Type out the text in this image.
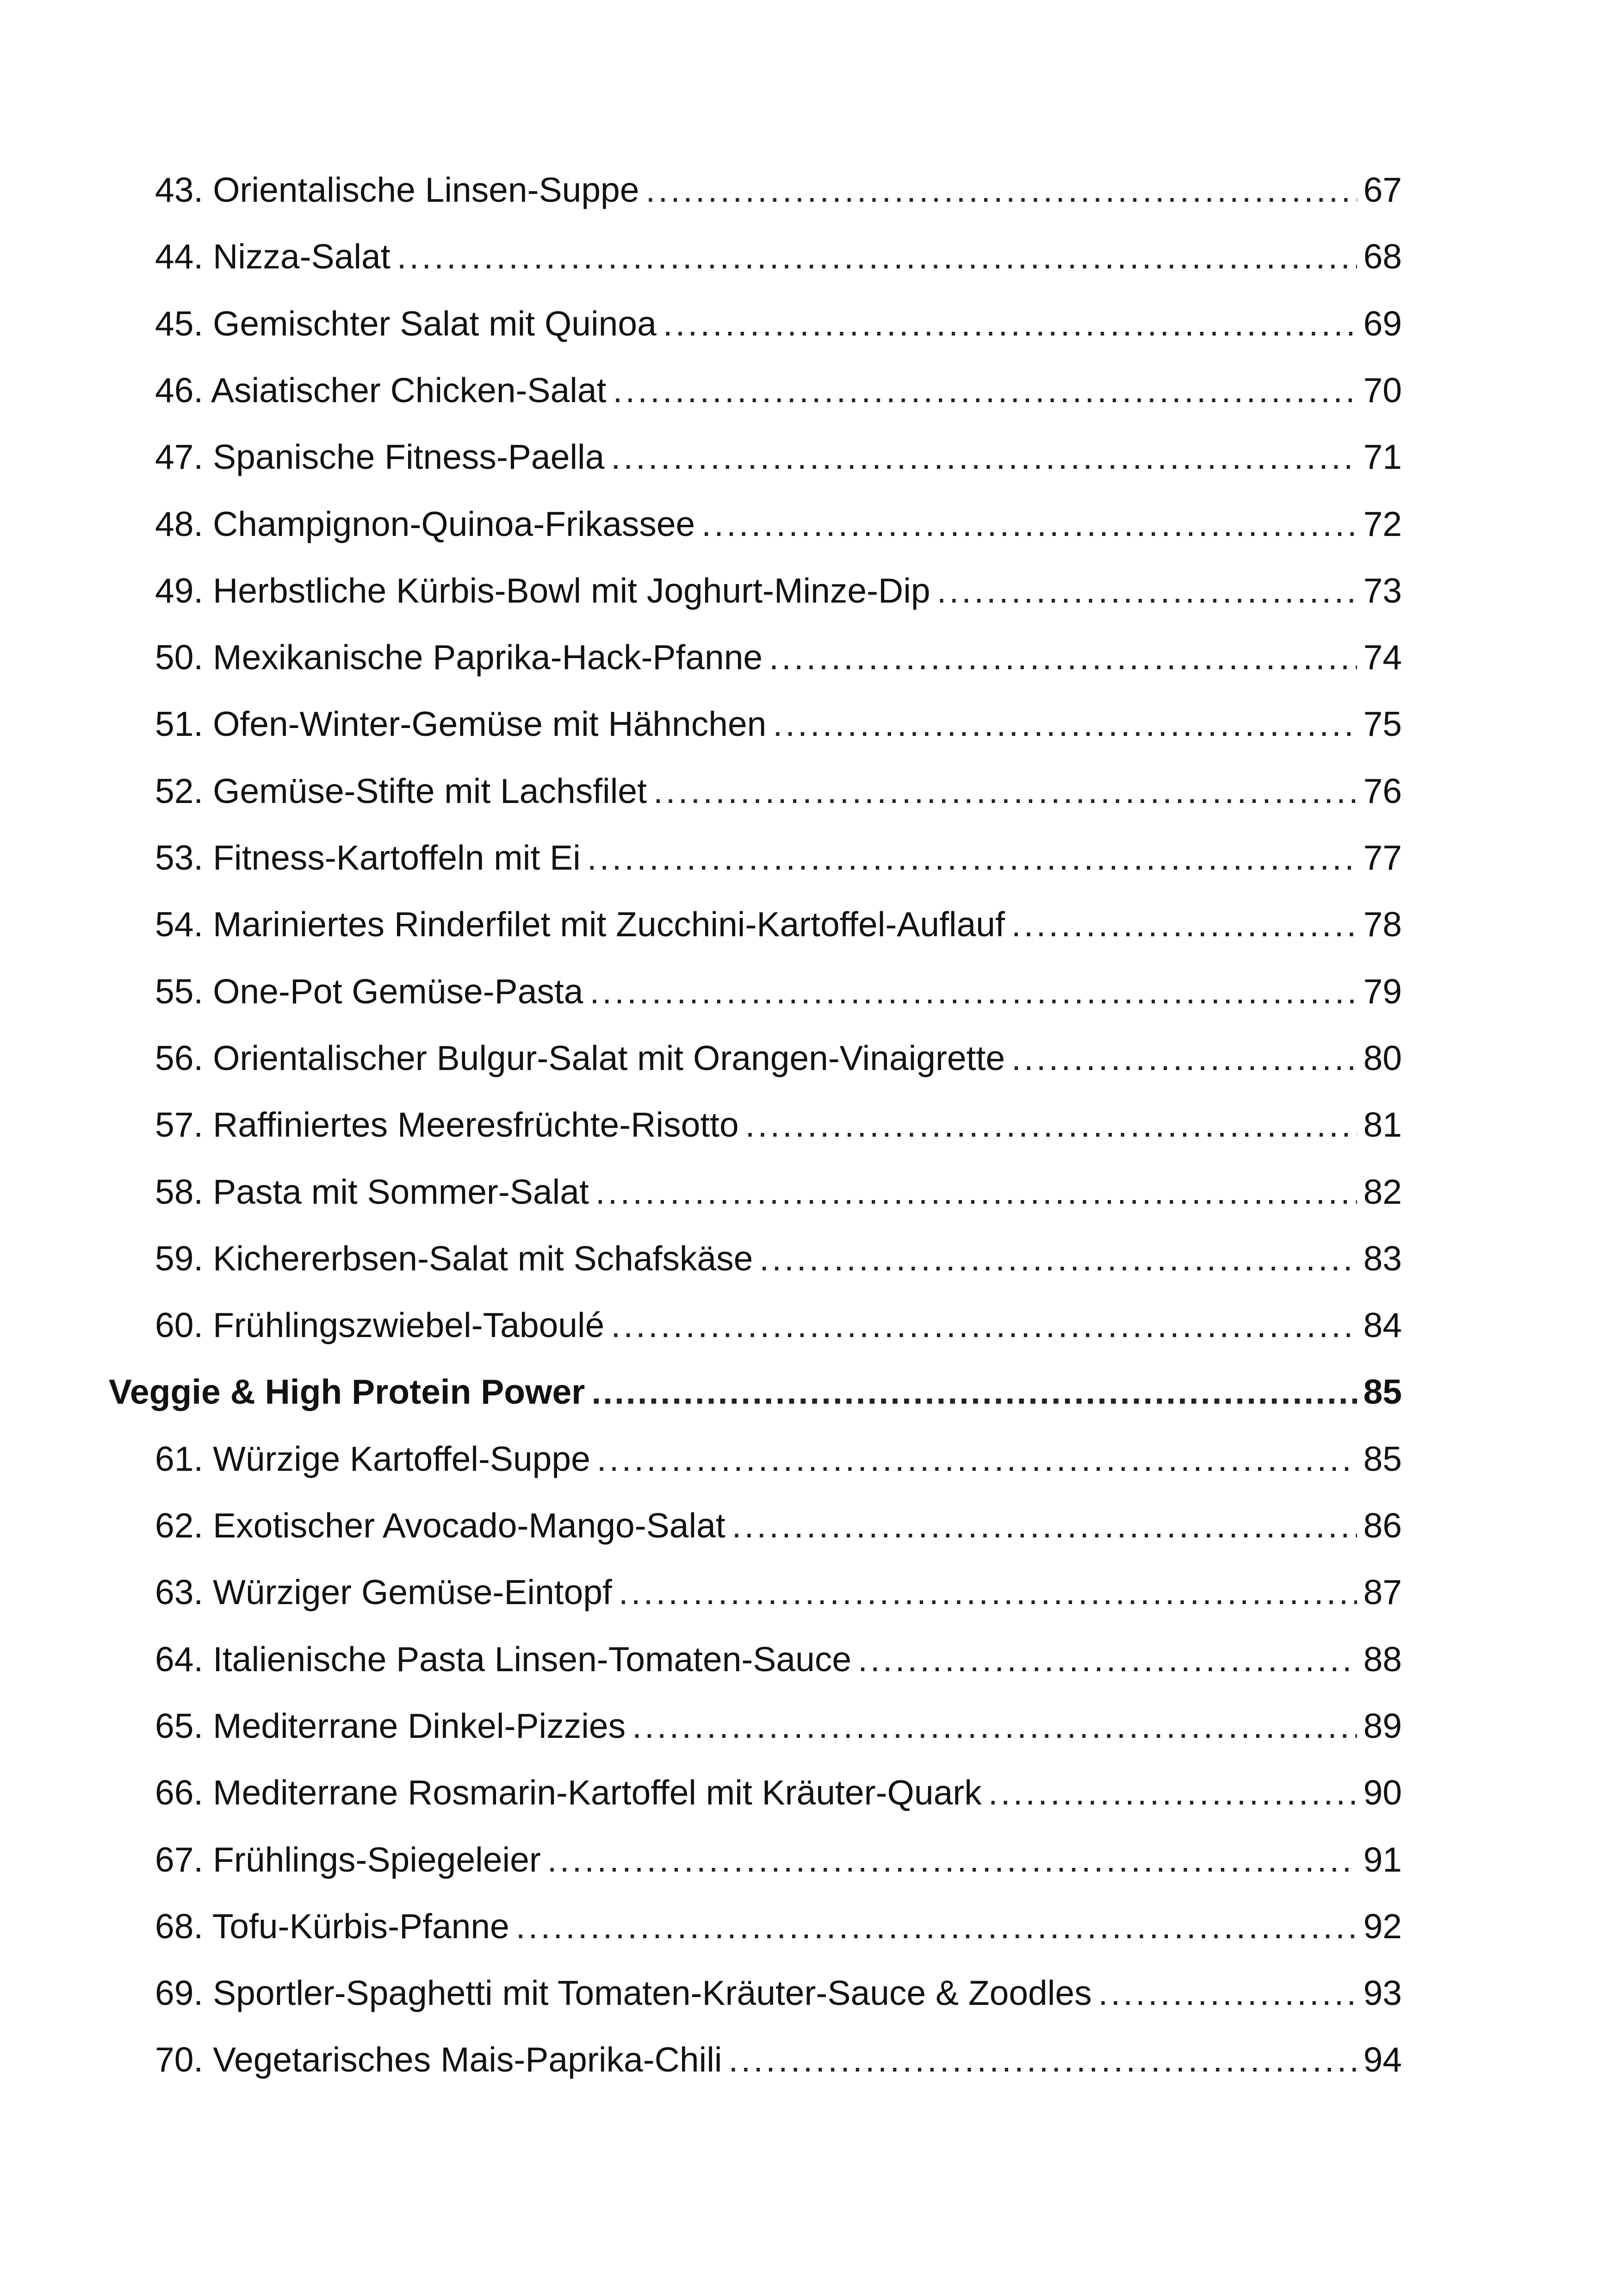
43. Orientalische Linsen-Suppe .....	67
44. Nizza-Salat .....	68
45. Gemischter Salat mit Quinoa .....	69
46. Asiatischer Chicken-Salat .....	70
47. Spanische Fitness-Paella .....	71
48. Champignon-Quinoa-Frikassee .....	72
49. Herbstliche Kürbis-Bowl mit Joghurt-Minze-Dip .....	73
50. Mexikanische Paprika-Hack-Pfanne .....	74
51. Ofen-Winter-Gemüse mit Hähnchen .....	75
52. Gemüse-Stifte mit Lachsfilet .....	76
53. Fitness-Kartoffeln mit Ei .....	77
54. Mariniertes Rinderfilet mit Zucchini-Kartoffel-Auflauf .....	78
55. One-Pot Gemüse-Pasta .....	79
56. Orientalischer Bulgur-Salat mit Orangen-Vinaigrette .....	80
57. Raffiniertes Meeresfrüchte-Risotto .....	81
58. Pasta mit Sommer-Salat .....	82
59. Kichererbsen-Salat mit Schafskäse .....	83
60. Frühlingszwiebel-Taboulé .....	84
Veggie & High Protein Power .....	85
61. Würzige Kartoffel-Suppe .....	85
62. Exotischer Avocado-Mango-Salat .....	86
63. Würziger Gemüse-Eintopf .....	87
64. Italienische Pasta Linsen-Tomaten-Sauce .....	88
65. Mediterrane Dinkel-Pizzies .....	89
66. Mediterrane Rosmarin-Kartoffel mit Kräuter-Quark .....	90
67. Frühlings-Spiegeleier .....	91
68. Tofu-Kürbis-Pfanne .....	92
69. Sportler-Spaghetti mit Tomaten-Kräuter-Sauce & Zoodles .....	93
70. Vegetarisches Mais-Paprika-Chili .....	94
